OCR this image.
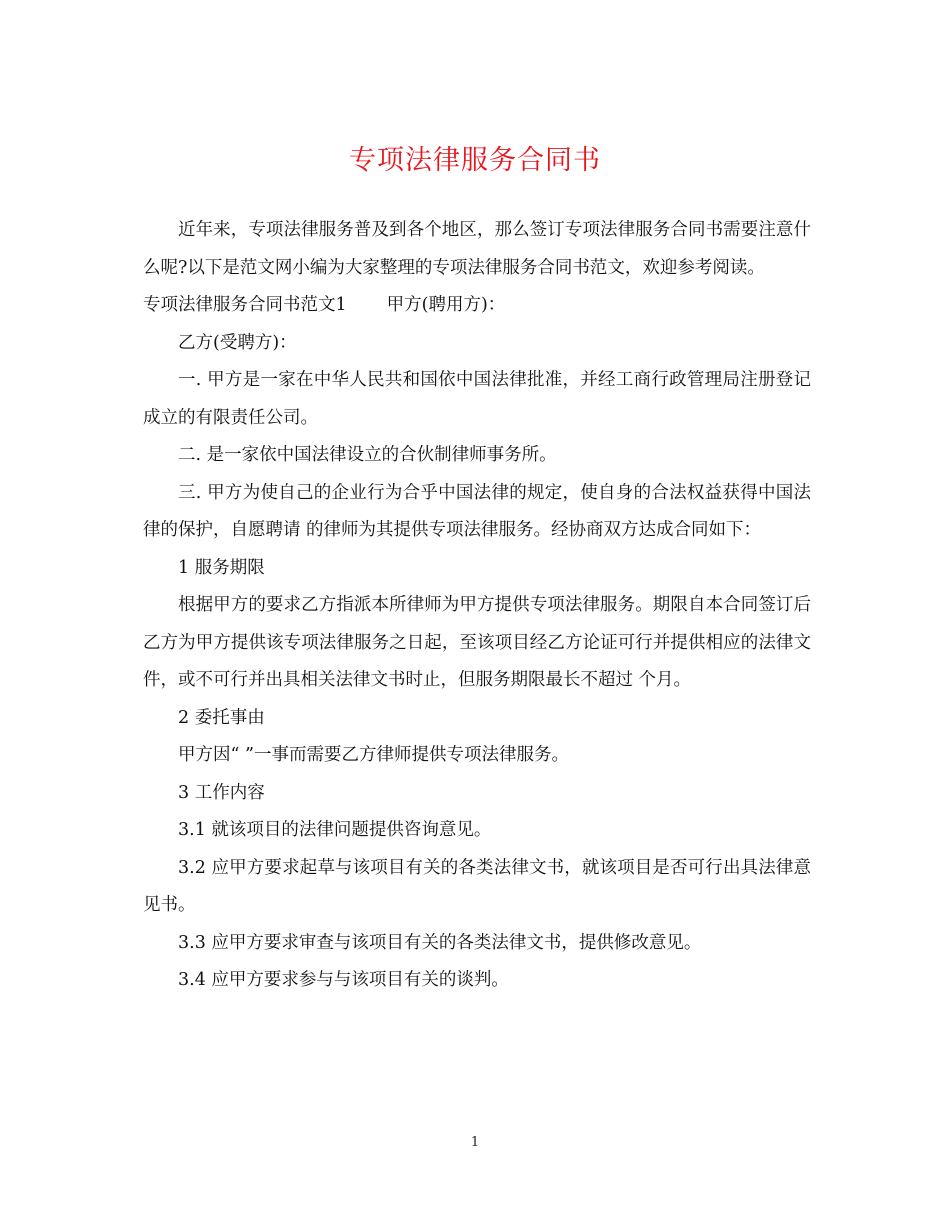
专项法律服务合同书

近年来，专项法律服务普及到各个地区，那么签订专项法律服务合同书需要注意什么呢?以下是范文网小编为大家整理的专项法律服务合同书范文，欢迎参考阅读。

专项法律服务合同书范文1 甲方(聘用方)：

乙方(受聘方)：

一. 甲方是一家在中华人民共和国依中国法律批准，并经工商行政管理局注册登记成立的有限责任公司。

二. 是一家依中国法律设立的合伙制律师事务所。

三. 甲方为使自己的企业行为合乎中国法律的规定，使自身的合法权益获得中国法律的保护，自愿聘请 的律师为其提供专项法律服务。经协商双方达成合同如下：

1 服务期限

根据甲方的要求乙方指派本所律师为甲方提供专项法律服务。期限自本合同签订后乙方为甲方提供该专项法律服务之日起，至该项目经乙方论证可行并提供相应的法律文件，或不可行并出具相关法律文书时止，但服务期限最长不超过 个月。

2 委托事由

甲方因“ ”一事而需要乙方律师提供专项法律服务。

3 工作内容

3.1 就该项目的法律问题提供咨询意见。

3.2 应甲方要求起草与该项目有关的各类法律文书，就该项目是否可行出具法律意见书。

3.3 应甲方要求审查与该项目有关的各类法律文书，提供修改意见。

3.4 应甲方要求参与与该项目有关的谈判。

1
